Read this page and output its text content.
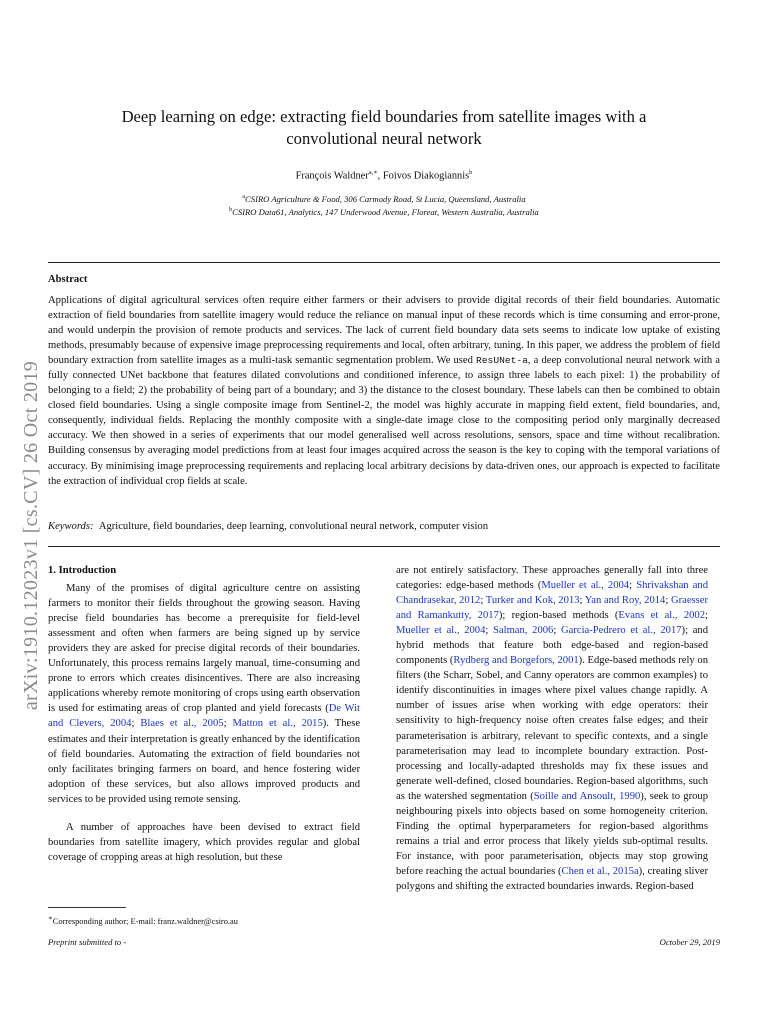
Deep learning on edge: extracting field boundaries from satellite images with a
convolutional neural network
François Waldner$^{a,∗}$, Foivos Diakogiannis$^b$
$^a$CSIRO Agriculture & Food, 306 Carmody Road, St Lucia, Queensland, Australia
$^b$CSIRO Data61, Analytics, 147 Underwood Avenue, Floreat, Western Australia, Australia
arXiv:1910.12023v1 [cs.CV] 26 Oct 2019
Abstract
Applications of digital agricultural services often require either farmers or their advisers to provide digital records of their field boundaries. Automatic extraction of field boundaries from satellite imagery would reduce the reliance on manual input of these records which is time consuming and error-prone, and would underpin the provision of remote products and services. The lack of current field boundary data sets seems to indicate low uptake of existing methods, presumably because of expensive image preprocessing requirements and local, often arbitrary, tuning. In this paper, we address the problem of field boundary extraction from satellite images as a multi-task semantic segmentation problem. We used ResUNet-a, a deep convolutional neural network with a fully connected UNet backbone that features dilated convolutions and conditioned inference, to assign three labels to each pixel: 1) the probability of belonging to a field; 2) the probability of being part of a boundary; and 3) the distance to the closest boundary. These labels can then be combined to obtain closed field boundaries. Using a single composite image from Sentinel-2, the model was highly accurate in mapping field extent, field boundaries, and, consequently, individual fields. Replacing the monthly composite with a single-date image close to the compositing period only marginally decreased accuracy. We then showed in a series of experiments that our model generalised well across resolutions, sensors, space and time without recalibration. Building consensus by averaging model predictions from at least four images acquired across the season is the key to coping with the temporal variations of accuracy. By minimising image preprocessing requirements and replacing local arbitrary decisions by data-driven ones, our approach is expected to facilitate the extraction of individual crop fields at scale.
Keywords: Agriculture, field boundaries, deep learning, convolutional neural network, computer vision

1. Introduction

Many of the promises of digital agriculture centre on assisting farmers to monitor their fields throughout the growing season. Having precise field boundaries has become a prerequisite for field-level assessment and often when farmers are being signed up by service providers they are asked for precise digital records of their boundaries. Unfortunately, this process remains largely manual, time-consuming and prone to errors which creates disincentives. There are also increasing applications whereby remote monitoring of crops using earth observation is used for estimating areas of crop planted and yield forecasts (De Wit and Clevers, 2004; Blaes et al., 2005; Matton et al., 2015). These estimates and their interpretation is greatly enhanced by the identification of field boundaries. Automating the extraction of field boundaries not only facilitates bringing farmers on board, and hence fostering wider adoption of these services, but also allows improved products and services to be provided using remote sensing.

A number of approaches have been devised to extract field boundaries from satellite imagery, which provides regular and global coverage of cropping areas at high resolution, but these

are not entirely satisfactory. These approaches generally fall into three categories: edge-based methods (Mueller et al., 2004; Shrivakshan and Chandrasekar, 2012; Turker and Kok, 2013; Yan and Roy, 2014; Graesser and Ramankutty, 2017); region-based methods (Evans et al., 2002; Mueller et al., 2004; Salman, 2006; Garcia-Pedrero et al., 2017); and hybrid methods that feature both edge-based and region-based components (Rydberg and Borgefors, 2001). Edge-based methods rely on filters (the Scharr, Sobel, and Canny operators are common examples) to identify discontinuities in images where pixel values change rapidly. A number of issues arise when working with edge operators: their sensitivity to high-frequency noise often creates false edges; and their parameterisation is arbitrary, relevant to specific contexts, and a single parameterisation may lead to incomplete boundary extraction. Post-processing and locally-adapted thresholds may fix these issues and generate well-defined, closed boundaries. Region-based algorithms, such as the watershed segmentation (Soille and Ansoult, 1990), seek to group neighbouring pixels into objects based on some homogeneity criterion. Finding the optimal hyperparameters for region-based algorithms remains a trial and error process that likely yields sub-optimal results. For instance, with poor parameterisation, objects may stop growing before reaching the actual boundaries (Chen et al., 2015a), creating sliver polygons and shifting the extracted boundaries inwards. Region-based

∗Corresponding author; E-mail: franz.waldner@csiro.au
Preprint submitted to -	October 29, 2019
